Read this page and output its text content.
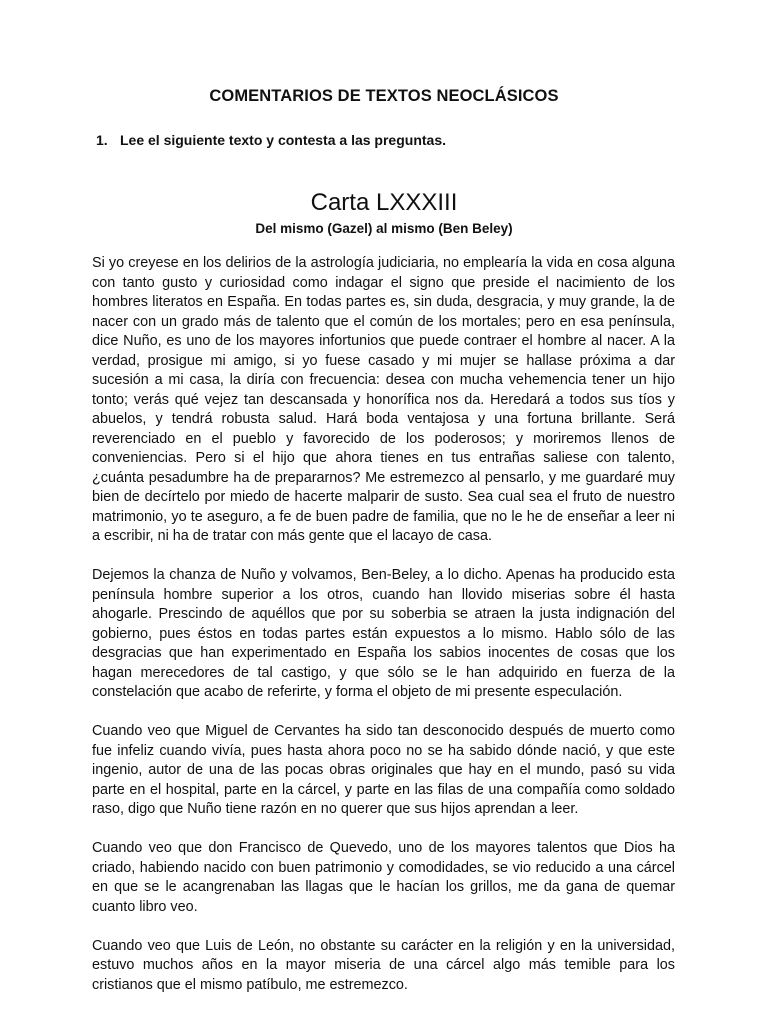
COMENTARIOS DE TEXTOS NEOCLÁSICOS
1. Lee el siguiente texto y contesta a las preguntas.
Carta LXXXIII
Del mismo (Gazel) al mismo (Ben Beley)

Si yo creyese en los delirios de la astrología judiciaria, no emplearía la vida en cosa alguna con tanto gusto y curiosidad como indagar el signo que preside el nacimiento de los hombres literatos en España. En todas partes es, sin duda, desgracia, y muy grande, la de nacer con un grado más de talento que el común de los mortales; pero en esa península, dice Nuño, es uno de los mayores infortunios que puede contraer el hombre al nacer. A la verdad, prosigue mi amigo, si yo fuese casado y mi mujer se hallase próxima a dar sucesión a mi casa, la diría con frecuencia: desea con mucha vehemencia tener un hijo tonto; verás qué vejez tan descansada y honorífica nos da. Heredará a todos sus tíos y abuelos, y tendrá robusta salud. Hará boda ventajosa y una fortuna brillante. Será reverenciado en el pueblo y favorecido de los poderosos; y moriremos llenos de conveniencias. Pero si el hijo que ahora tienes en tus entrañas saliese con talento, ¿cuánta pesadumbre ha de prepararnos? Me estremezco al pensarlo, y me guardaré muy bien de decírtelo por miedo de hacerte malparir de susto. Sea cual sea el fruto de nuestro matrimonio, yo te aseguro, a fe de buen padre de familia, que no le he de enseñar a leer ni a escribir, ni ha de tratar con más gente que el lacayo de casa.

Dejemos la chanza de Nuño y volvamos, Ben-Beley, a lo dicho. Apenas ha producido esta península hombre superior a los otros, cuando han llovido miserias sobre él hasta ahogarle. Prescindo de aquéllos que por su soberbia se atraen la justa indignación del gobierno, pues éstos en todas partes están expuestos a lo mismo. Hablo sólo de las desgracias que han experimentado en España los sabios inocentes de cosas que los hagan merecedores de tal castigo, y que sólo se le han adquirido en fuerza de la constelación que acabo de referirte, y forma el objeto de mi presente especulación.

Cuando veo que Miguel de Cervantes ha sido tan desconocido después de muerto como fue infeliz cuando vivía, pues hasta ahora poco no se ha sabido dónde nació, y que este ingenio, autor de una de las pocas obras originales que hay en el mundo, pasó su vida parte en el hospital, parte en la cárcel, y parte en las filas de una compañía como soldado raso, digo que Nuño tiene razón en no querer que sus hijos aprendan a leer.

Cuando veo que don Francisco de Quevedo, uno de los mayores talentos que Dios ha criado, habiendo nacido con buen patrimonio y comodidades, se vio reducido a una cárcel en que se le acangrenaban las llagas que le hacían los grillos, me da gana de quemar cuanto libro veo.

Cuando veo que Luis de León, no obstante su carácter en la religión y en la universidad, estuvo muchos años en la mayor miseria de una cárcel algo más temible para los cristianos que el mismo patíbulo, me estremezco.
